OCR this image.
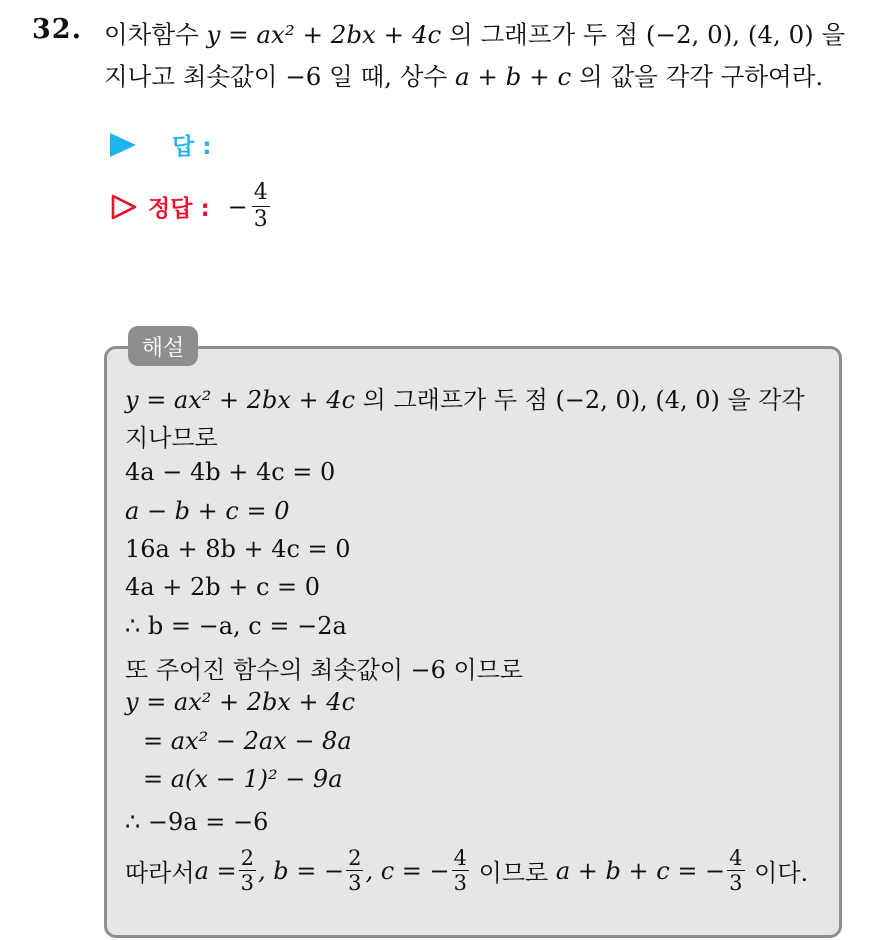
32. 이차함수 y = ax² + 2bx + 4c 의 그래프가 두 점 (−2, 0), (4, 0) 을
지나고 최솟값이 −6 일 때, 상수 a + b + c 의 값을 각각 구하여라.
답 :
정답 : − $\frac{4}{3}$
해설
y = ax² + 2bx + 4c 의 그래프가 두 점 (−2, 0), (4, 0) 을 각각
지나므로
4a − 4b + 4c = 0
a − b + c = 0
16a + 8b + 4c = 0
4a + 2b + c = 0
∴ b = −a, c = −2a
또 주어진 함수의 최솟값이 −6 이므로
y = ax² + 2bx + 4c
= ax² − 2ax − 8a
= a(x − 1)² − 9a
∴ −9a = −6
따라서 $a = \frac{2}{3}$ , b = − $\frac{2}{3}$ , c = − $\frac{4}{3}$ 이므로 a + b + c = − $\frac{4}{3}$ 이다.
